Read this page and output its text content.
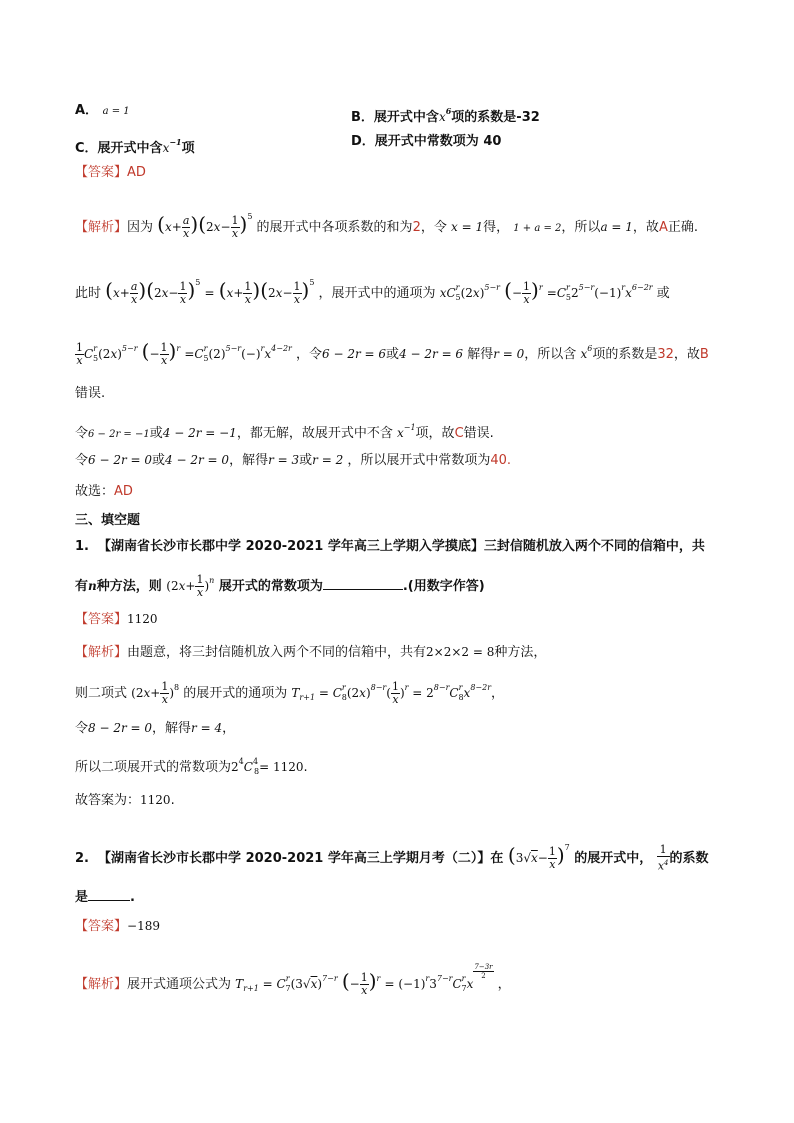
A． a = 1	B．展开式中含$x^6$项的系数是-32
C．展开式中含$x^{-1}$项	D．展开式中常数项为 40
【答案】AD
【解析】因为 $(x+ \frac{a}{x} )(2x- \frac{1}{x} )^5$ 的展开式中各项系数的和为2，令 x = 1得， 1 + a = 2，所以a = 1，故A正确.
此时 $(x+ \frac{a}{x} )(2x- \frac{1}{x} )^5 = (x+ \frac{1}{x} )(2x- \frac{1}{x} )^5$ ，展开式中的通项为 $xC^r_5(2x)^{5-r}$ (− $\frac{1}{x} )^r =C^r_52^{5-r}(-1)^rx^{6-2r}$ 或
$\frac{1}{x} C^r_5(2x)^{5-r}$ (− $\frac{1}{x} )^r =C^r_5(2)^{5-r}(-)^rx^{4-2r}$ ，令6 − 2r = 6或4 − 2r = 6 解得r = 0，所以含 $x^6$项的系数是32，故B
错误.
令6 − 2r = −1或4 − 2r = −1，都无解，故展开式中不含 $x^{-1}$项，故C错误.
令6 − 2r = 0或4 − 2r = 0，解得r = 3或r = 2 ，所以展开式中常数项为40.
故选：AD
三、填空题
1. 【湖南省长沙市长郡中学 2020-2021 学年高三上学期入学摸底】三封信随机放入两个不同的信箱中，共
有n种方法，则 $(2x+ \frac{1}{x} )^n$ 展开式的常数项为	.(用数字作答)
【答案】1120
【解析】由题意，将三封信随机放入两个不同的信箱中，共有2×2×2 = 8种方法，
则二项式 $(2x+ \frac{1}{x} )^8$ 的展开式的通项为 $T_{r+1} = C^r_8(2x)^{8-r}( \frac{1}{x} )^r = 2^{8-r}C^r_8x^{8-2r}$，
令8 − 2r = 0，解得r = 4，
所以二项展开式的常数项为$2^4C^4_8= 1120$.
故答案为：1120.
2. 【湖南省长沙市长郡中学 2020-2021 学年高三上学期月考（二）】在 $(3√x- \frac{1}{x} )^7$ 的展开式中， $\frac{1}{x^4}$ 的系数
是	.
【答案】−189
【解析】展开式通项公式为 $T_{r+1} = C^r_7(3√x)^{7-r}$ (− $\frac{1}{x} )^r = (-1)^r3^{7-r}C^r_7x$
$\frac{7-3r}{2}$
，
